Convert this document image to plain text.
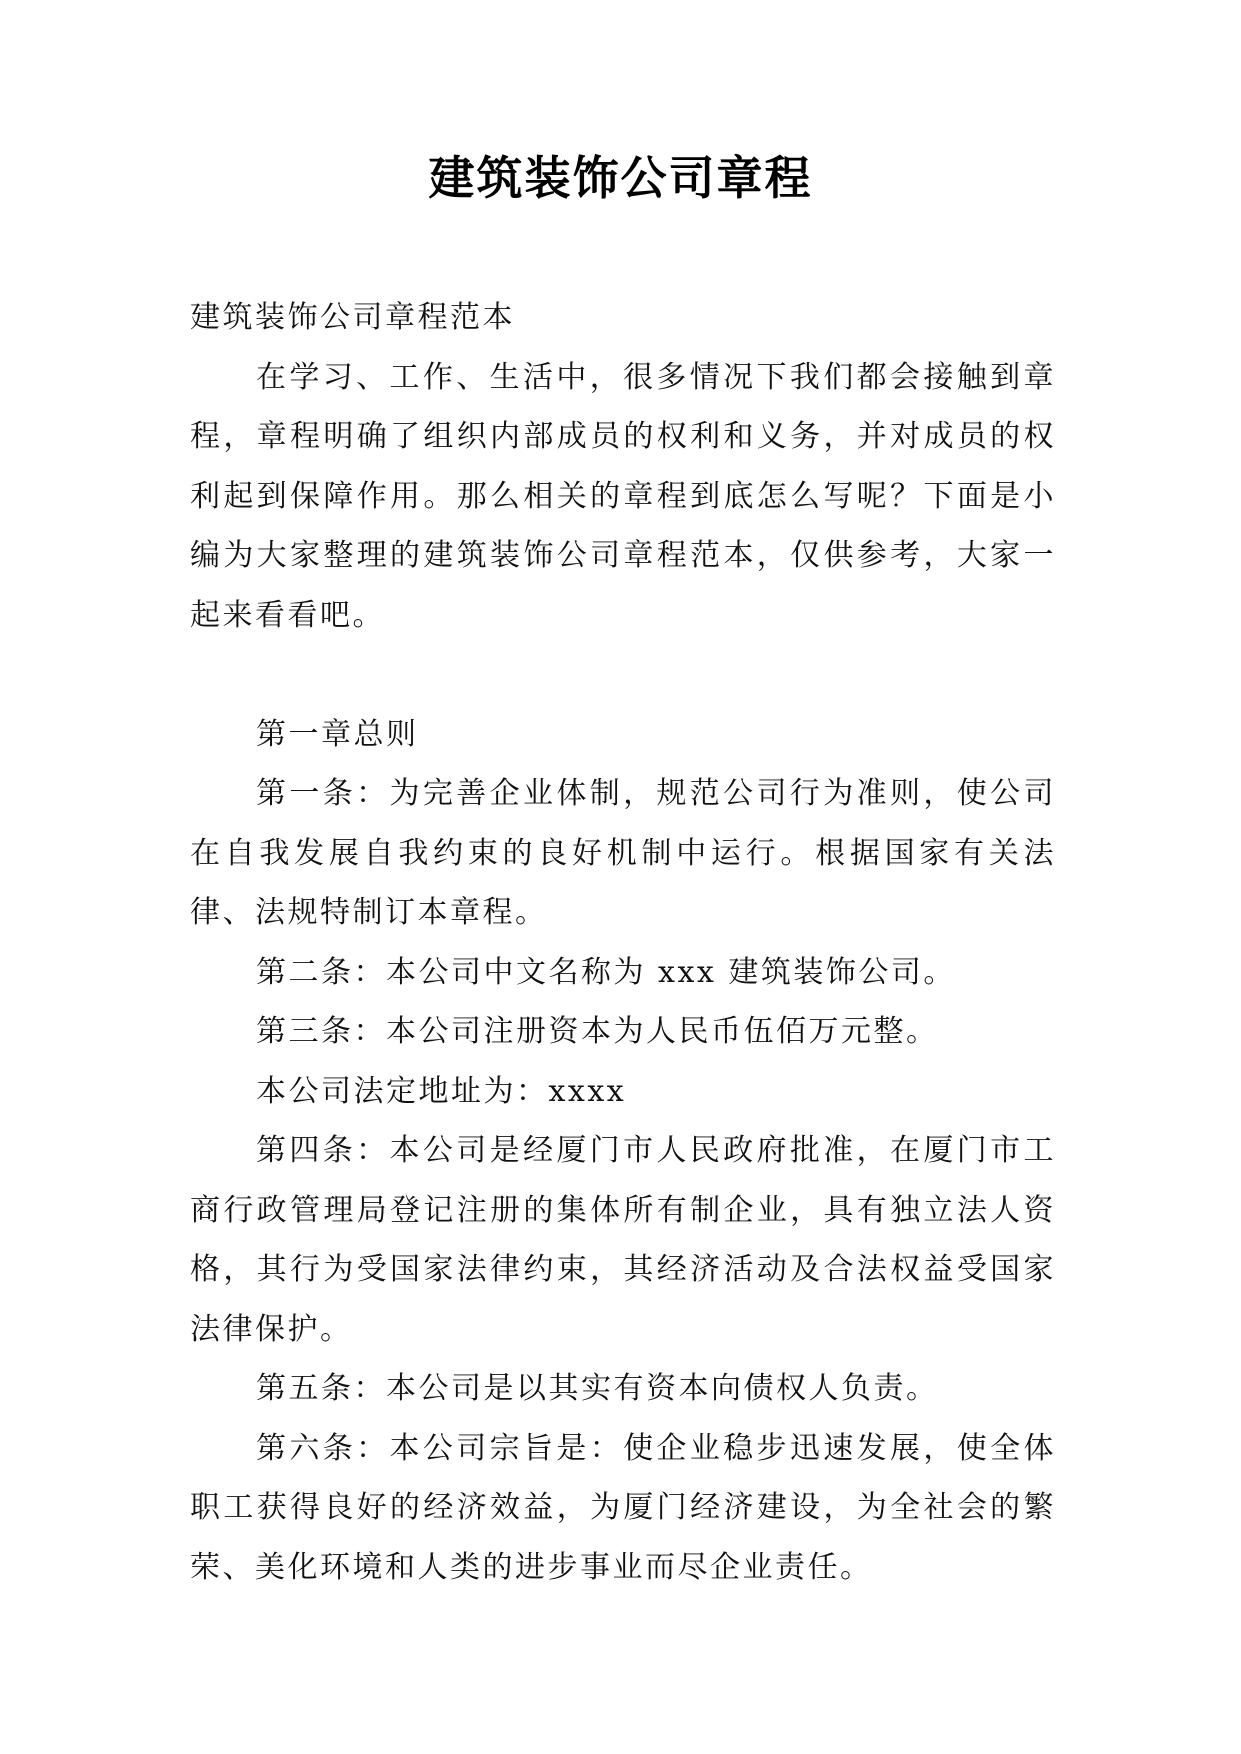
建筑装饰公司章程

建筑装饰公司章程范本

在学习、工作、生活中，很多情况下我们都会接触到章程，章程明确了组织内部成员的权利和义务，并对成员的权利起到保障作用。那么相关的章程到底怎么写呢？下面是小编为大家整理的建筑装饰公司章程范本，仅供参考，大家一起来看看吧。

第一章总则

第一条：为完善企业体制，规范公司行为准则，使公司在自我发展自我约束的良好机制中运行。根据国家有关法律、法规特制订本章程。

第二条：本公司中文名称为 xxx 建筑装饰公司。

第三条：本公司注册资本为人民币伍佰万元整。

本公司法定地址为：xxxx

第四条：本公司是经厦门市人民政府批准，在厦门市工商行政管理局登记注册的集体所有制企业，具有独立法人资格，其行为受国家法律约束，其经济活动及合法权益受国家法律保护。

第五条：本公司是以其实有资本向债权人负责。

第六条：本公司宗旨是：使企业稳步迅速发展，使全体职工获得良好的经济效益，为厦门经济建设，为全社会的繁荣、美化环境和人类的进步事业而尽企业责任。
